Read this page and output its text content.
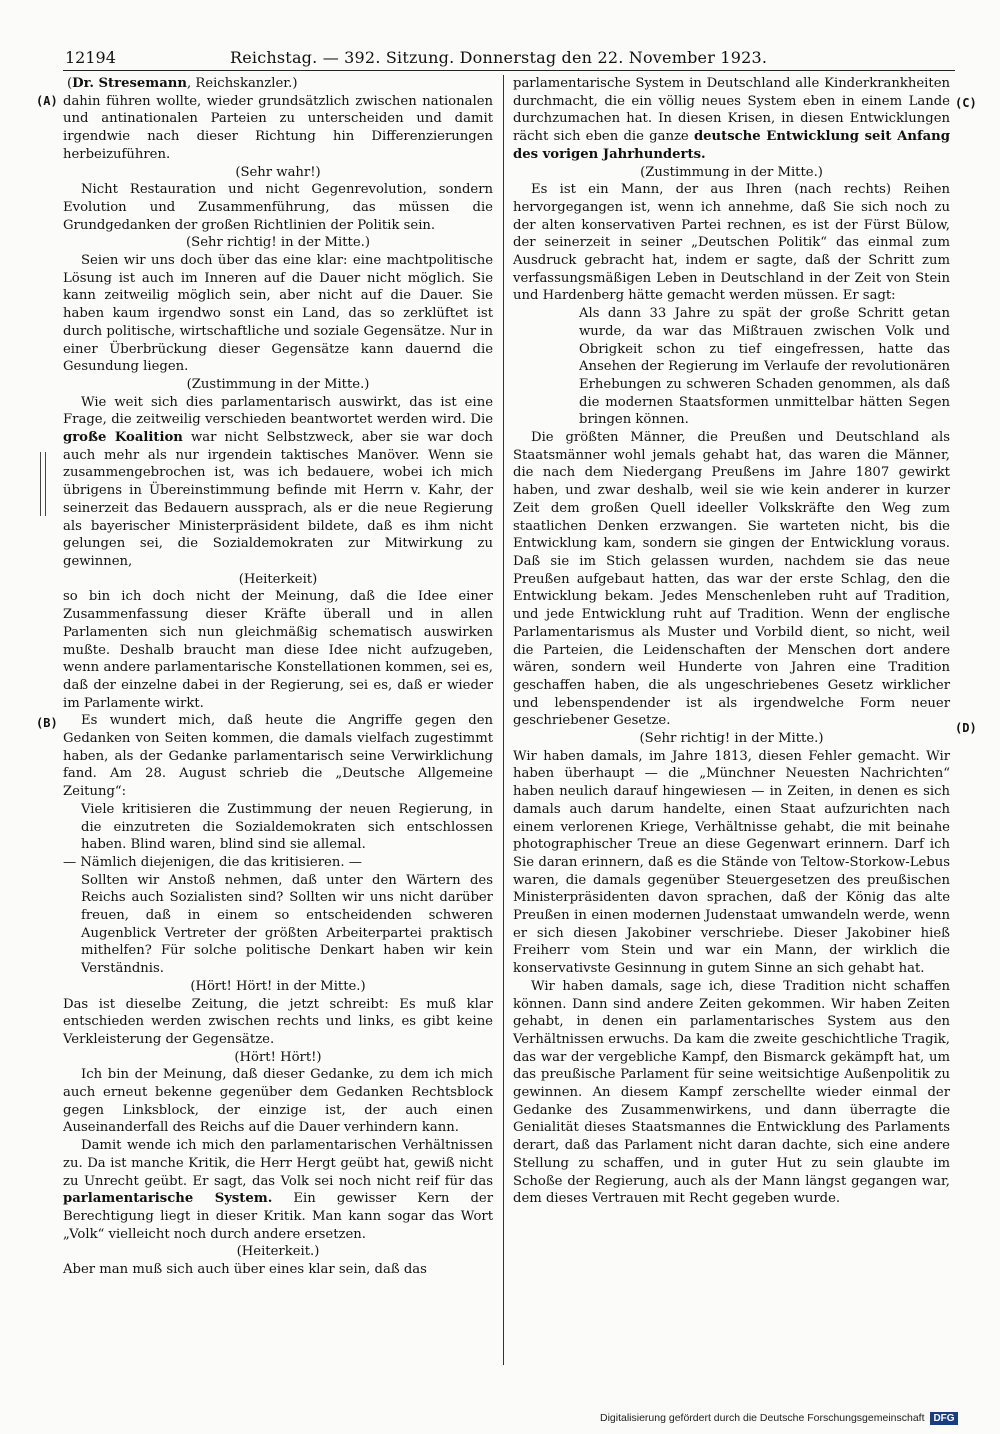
12194	Reichstag. — 392. Sitzung. Donnerstag den 22. November 1923.
(A)
(B)
(C)
(D)

(Dr. Stresemann, Reichskanzler.)

dahin führen wollte, wieder grundsätzlich zwischen nationalen und antinationalen Parteien zu unterscheiden und damit irgendwie nach dieser Richtung hin Differenzierungen herbeizuführen.

(Sehr wahr!)

Nicht Restauration und nicht Gegenrevolution, sondern Evolution und Zusammenführung, das müssen die Grundgedanken der großen Richtlinien der Politik sein.

(Sehr richtig! in der Mitte.)

Seien wir uns doch über das eine klar: eine machtpolitische Lösung ist auch im Inneren auf die Dauer nicht möglich. Sie kann zeitweilig möglich sein, aber nicht auf die Dauer. Sie haben kaum irgendwo sonst ein Land, das so zerklüftet ist durch politische, wirtschaftliche und soziale Gegensätze. Nur in einer Überbrückung dieser Gegensätze kann dauernd die Gesundung liegen.

(Zustimmung in der Mitte.)

Wie weit sich dies parlamentarisch auswirkt, das ist eine Frage, die zeitweilig verschieden beantwortet werden wird. Die große Koalition war nicht Selbstzweck, aber sie war doch auch mehr als nur irgendein taktisches Manöver. Wenn sie zusammengebrochen ist, was ich bedauere, wobei ich mich übrigens in Übereinstimmung befinde mit Herrn v. Kahr, der seinerzeit das Bedauern aussprach, als er die neue Regierung als bayerischer Ministerpräsident bildete, daß es ihm nicht gelungen sei, die Sozialdemokraten zur Mitwirkung zu gewinnen,

(Heiterkeit)

so bin ich doch nicht der Meinung, daß die Idee einer Zusammenfassung dieser Kräfte überall und in allen Parlamenten sich nun gleichmäßig schematisch auswirken mußte. Deshalb braucht man diese Idee nicht aufzugeben, wenn andere parlamentarische Konstellationen kommen, sei es, daß der einzelne dabei in der Regierung, sei es, daß er wieder im Parlamente wirkt.

Es wundert mich, daß heute die Angriffe gegen den Gedanken von Seiten kommen, die damals vielfach zugestimmt haben, als der Gedanke parlamentarisch seine Verwirklichung fand. Am 28. August schrieb die „Deutsche Allgemeine Zeitung“:

Viele kritisieren die Zustimmung der neuen Regierung, in die einzutreten die Sozialdemokraten sich entschlossen haben. Blind waren, blind sind sie allemal.

— Nämlich diejenigen, die das kritisieren. —

Sollten wir Anstoß nehmen, daß unter den Wärtern des Reichs auch Sozialisten sind? Sollten wir uns nicht darüber freuen, daß in einem so entscheidenden schweren Augenblick Vertreter der größten Arbeiterpartei praktisch mithelfen? Für solche politische Denkart haben wir kein Verständnis.

(Hört! Hört! in der Mitte.)

Das ist dieselbe Zeitung, die jetzt schreibt: Es muß klar entschieden werden zwischen rechts und links, es gibt keine Verkleisterung der Gegensätze.

(Hört! Hört!)

Ich bin der Meinung, daß dieser Gedanke, zu dem ich mich auch erneut bekenne gegenüber dem Gedanken Rechtsblock gegen Linksblock, der einzige ist, der auch einen Auseinanderfall des Reichs auf die Dauer verhindern kann.

Damit wende ich mich den parlamentarischen Verhältnissen zu. Da ist manche Kritik, die Herr Hergt geübt hat, gewiß nicht zu Unrecht geübt. Er sagt, das Volk sei noch nicht reif für das parlamentarische System. Ein gewisser Kern der Berechtigung liegt in dieser Kritik. Man kann sogar das Wort „Volk“ vielleicht noch durch andere ersetzen.

(Heiterkeit.)

Aber man muß sich auch über eines klar sein, daß das

parlamentarische System in Deutschland alle Kinderkrankheiten durchmacht, die ein völlig neues System eben in einem Lande durchzumachen hat. In diesen Krisen, in diesen Entwicklungen rächt sich eben die ganze deutsche Entwicklung seit Anfang des vorigen Jahrhunderts.

(Zustimmung in der Mitte.)

Es ist ein Mann, der aus Ihren (nach rechts) Reihen hervorgegangen ist, wenn ich annehme, daß Sie sich noch zu der alten konservativen Partei rechnen, es ist der Fürst Bülow, der seinerzeit in seiner „Deutschen Politik“ das einmal zum Ausdruck gebracht hat, indem er sagte, daß der Schritt zum verfassungsmäßigen Leben in Deutschland in der Zeit von Stein und Hardenberg hätte gemacht werden müssen. Er sagt:

Als dann 33 Jahre zu spät der große Schritt getan wurde, da war das Mißtrauen zwischen Volk und Obrigkeit schon zu tief eingefressen, hatte das Ansehen der Regierung im Verlaufe der revolutionären Erhebungen zu schweren Schaden genommen, als daß die modernen Staatsformen unmittelbar hätten Segen bringen können.

Die größten Männer, die Preußen und Deutschland als Staatsmänner wohl jemals gehabt hat, das waren die Männer, die nach dem Niedergang Preußens im Jahre 1807 gewirkt haben, und zwar deshalb, weil sie wie kein anderer in kurzer Zeit dem großen Quell ideeller Volkskräfte den Weg zum staatlichen Denken erzwangen. Sie warteten nicht, bis die Entwicklung kam, sondern sie gingen der Entwicklung voraus. Daß sie im Stich gelassen wurden, nachdem sie das neue Preußen aufgebaut hatten, das war der erste Schlag, den die Entwicklung bekam. Jedes Menschenleben ruht auf Tradition, und jede Entwicklung ruht auf Tradition. Wenn der englische Parlamentarismus als Muster und Vorbild dient, so nicht, weil die Parteien, die Leidenschaften der Menschen dort andere wären, sondern weil Hunderte von Jahren eine Tradition geschaffen haben, die als ungeschriebenes Gesetz wirklicher und lebenspendender ist als irgendwelche Form neuer geschriebener Gesetze.

(Sehr richtig! in der Mitte.)

Wir haben damals, im Jahre 1813, diesen Fehler gemacht. Wir haben überhaupt — die „Münchner Neuesten Nachrichten“ haben neulich darauf hingewiesen — in Zeiten, in denen es sich damals auch darum handelte, einen Staat aufzurichten nach einem verlorenen Kriege, Verhältnisse gehabt, die mit beinahe photographischer Treue an diese Gegenwart erinnern. Darf ich Sie daran erinnern, daß es die Stände von Teltow-Storkow-Lebus waren, die damals gegenüber Steuergesetzen des preußischen Ministerpräsidenten davon sprachen, daß der König das alte Preußen in einen modernen Judenstaat umwandeln werde, wenn er sich diesen Jakobiner verschriebe. Dieser Jakobiner hieß Freiherr vom Stein und war ein Mann, der wirklich die konservativste Gesinnung in gutem Sinne an sich gehabt hat.

Wir haben damals, sage ich, diese Tradition nicht schaffen können. Dann sind andere Zeiten gekommen. Wir haben Zeiten gehabt, in denen ein parlamentarisches System aus den Verhältnissen erwuchs. Da kam die zweite geschichtliche Tragik, das war der vergebliche Kampf, den Bismarck gekämpft hat, um das preußische Parlament für seine weitsichtige Außenpolitik zu gewinnen. An diesem Kampf zerschellte wieder einmal der Gedanke des Zusammenwirkens, und dann überragte die Genialität dieses Staatsmannes die Entwicklung des Parlaments derart, daß das Parlament nicht daran dachte, sich eine andere Stellung zu schaffen, und in guter Hut zu sein glaubte im Schoße der Regierung, auch als der Mann längst gegangen war, dem dieses Vertrauen mit Recht gegeben wurde.

Digitalisierung gefördert durch die Deutsche Forschungsgemeinschaft DFG
